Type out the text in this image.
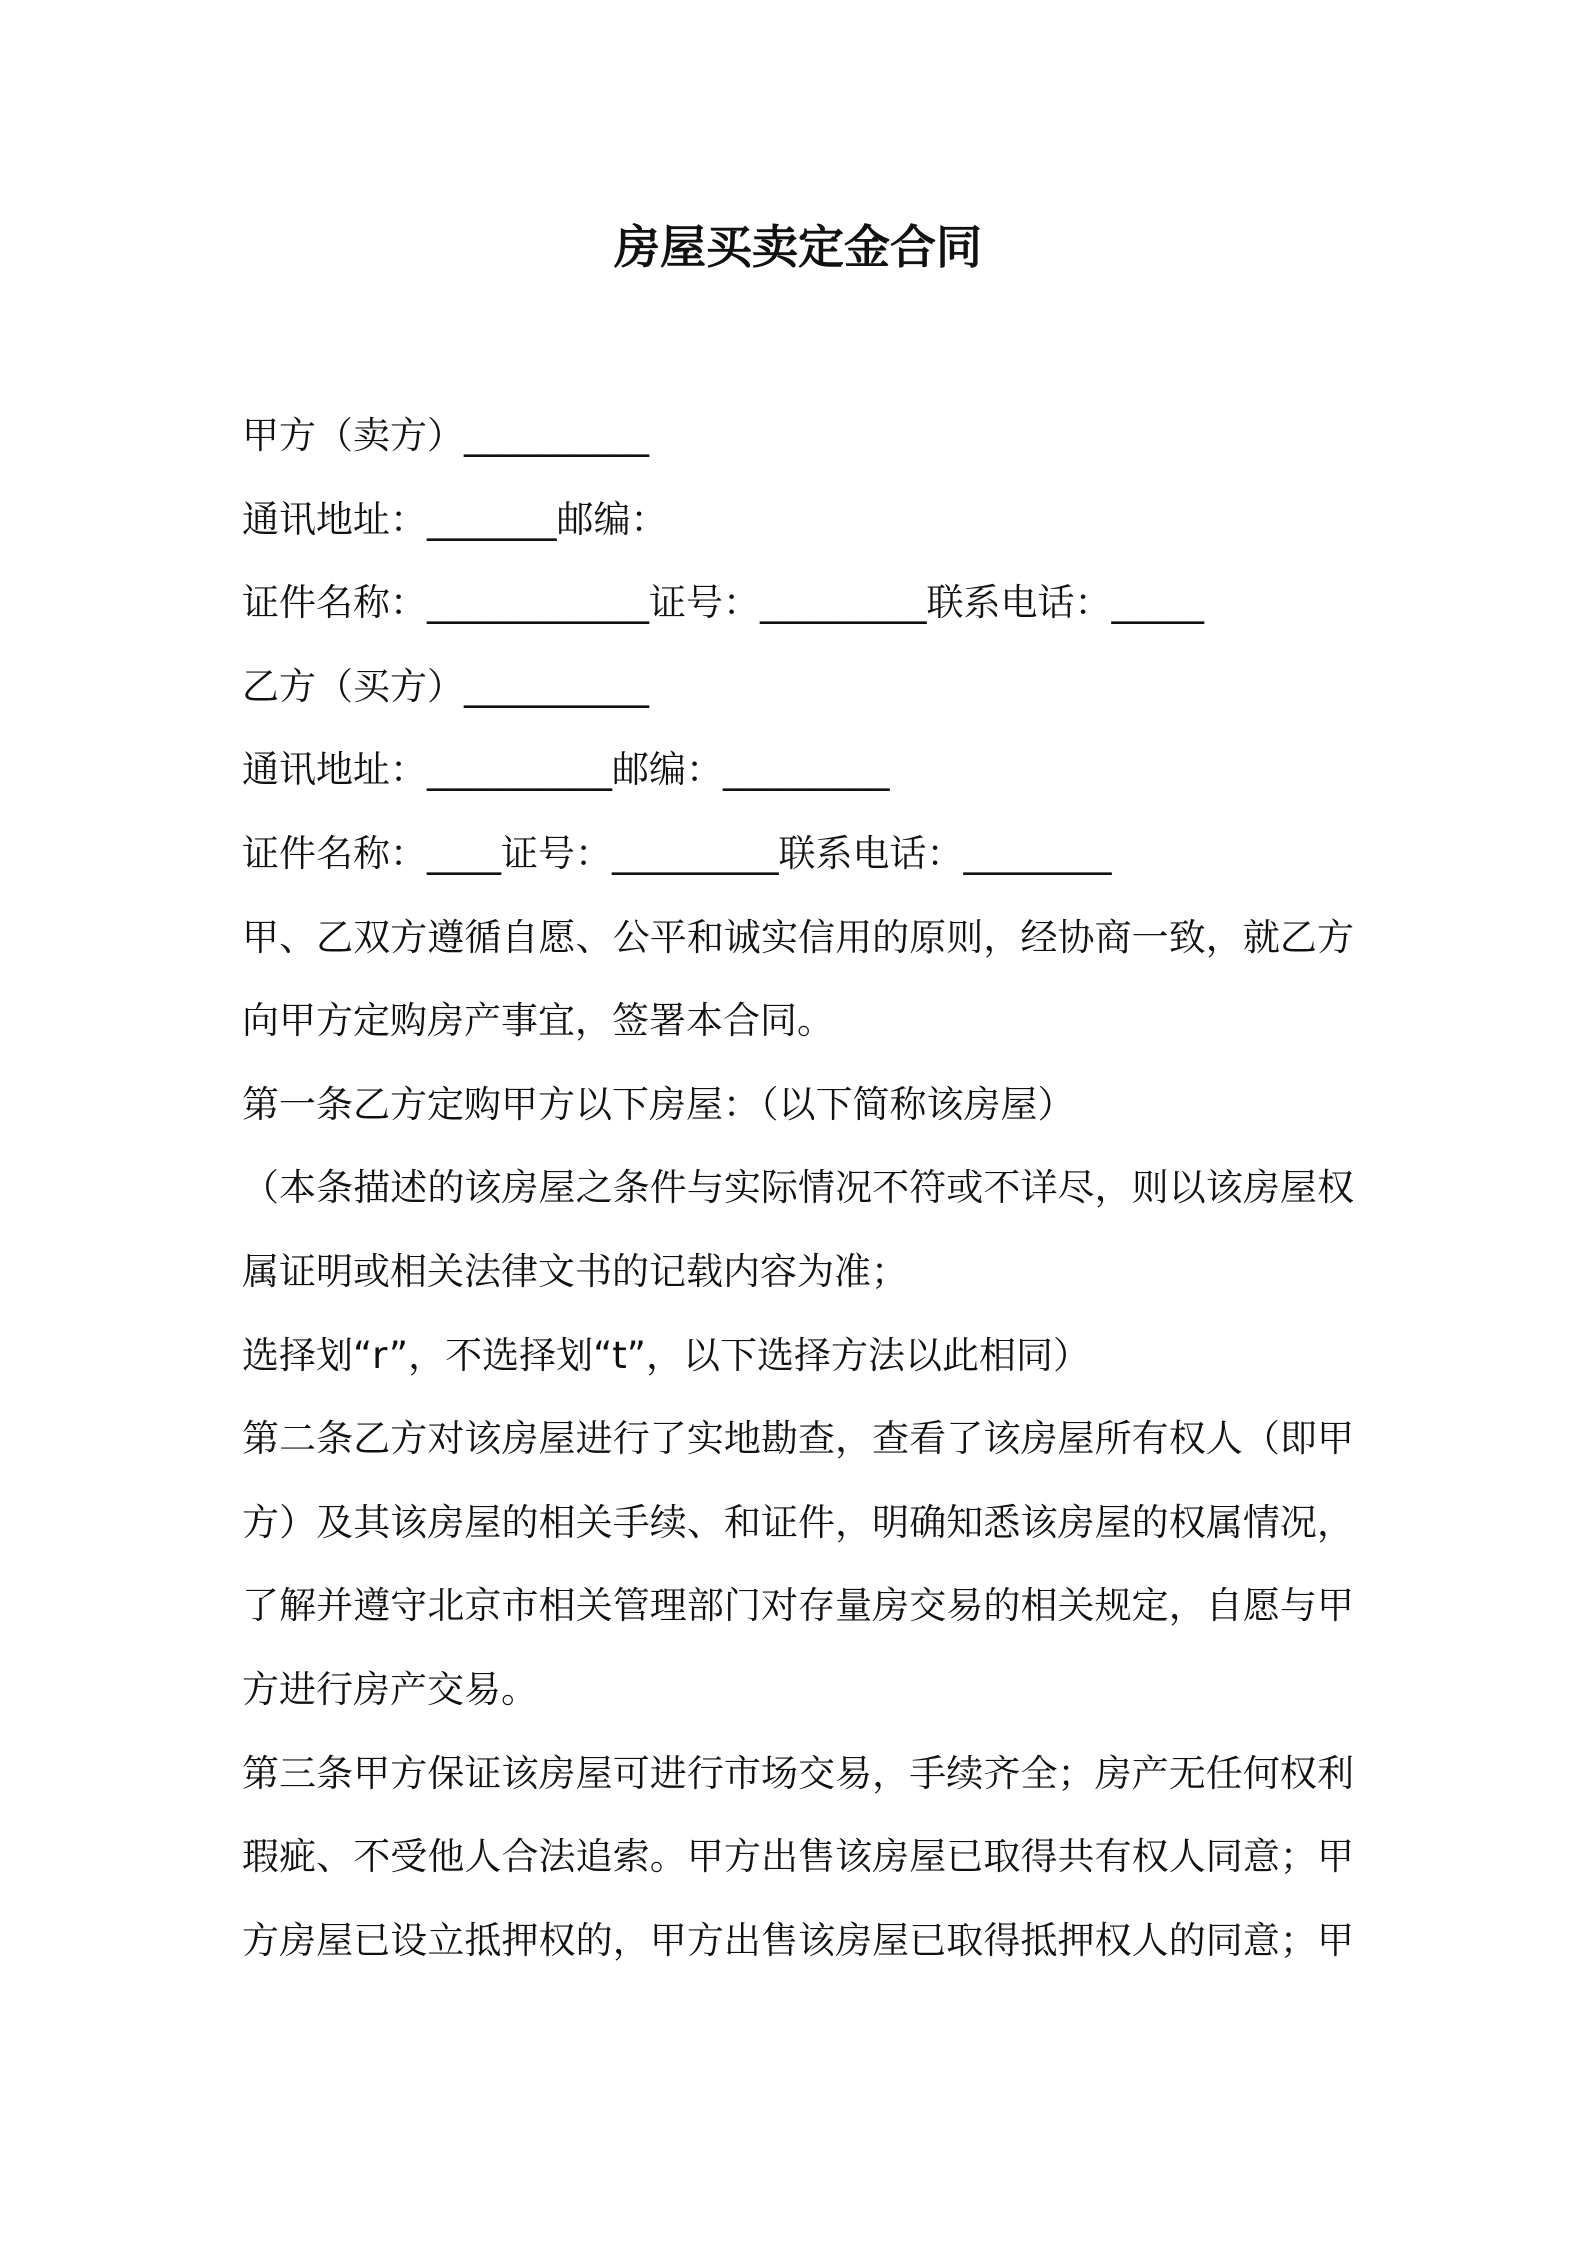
房屋买卖定金合同
甲方（卖方） __________
通讯地址： _______ 邮编：
证件名称： ____________ 证号： _________ 联系电话： _____
乙方（买方） __________
通讯地址： __________ 邮编： _________
证件名称： ____ 证号： _________ 联系电话： ________
甲、乙双方遵循自愿、公平和诚实信用的原则，经协商一致，就乙方
向甲方定购房产事宜，签署本合同。
第一条乙方定购甲方以下房屋：（以下简称该房屋）
（本条描述的该房屋之条件与实际情况不符或不详尽，则以该房屋权
属证明或相关法律文书的记载内容为准；
选择划“r”，不选择划“t”，以下选择方法以此相同）
第二条乙方对该房屋进行了实地勘查，查看了该房屋所有权人（即甲
方）及其该房屋的相关手续、和证件，明确知悉该房屋的权属情况，
了解并遵守北京市相关管理部门对存量房交易的相关规定，自愿与甲
方进行房产交易。
第三条甲方保证该房屋可进行市场交易，手续齐全；房产无任何权利
瑕疵、不受他人合法追索。甲方出售该房屋已取得共有权人同意；甲
方房屋已设立抵押权的，甲方出售该房屋已取得抵押权人的同意；甲
